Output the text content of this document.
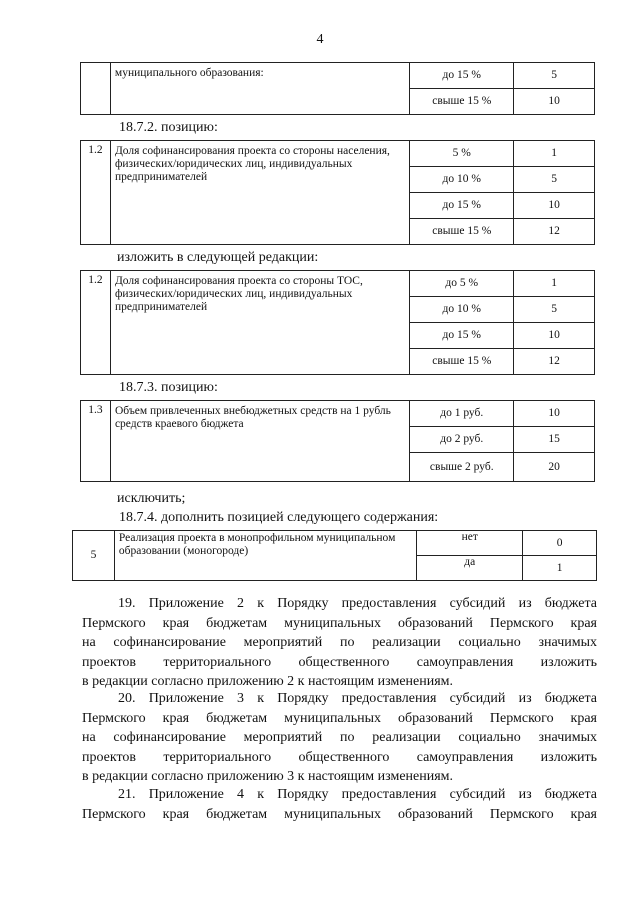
4
	муниципального образования:	до 15 %	5
		свыше 15 %	10
18.7.2. позицию:
1.2	Доля софинансирования проекта со стороны населения, физических/юридических лиц, индивидуальных предпринимателей	5 %	1
		до 10 %	5
		до 15 %	10
		свыше 15 %	12
изложить в следующей редакции:
1.2	Доля софинансирования проекта со стороны ТОС, физических/юридических лиц, индивидуальных предпринимателей	до 5 %	1
		до 10 %	5
		до 15 %	10
		свыше 15 %	12
18.7.3. позицию:
1.3	Объем привлеченных внебюджетных средств на 1 рубль средств краевого бюджета	до 1 руб.	10
		до 2 руб.	15
		свыше 2 руб.	20
исключить;
18.7.4. дополнить позицией следующего содержания:
5	Реализация проекта в монопрофильном муниципальном образовании (моногороде)	нет	0
		да	1
19. Приложение 2 к Порядку предоставления субсидий из бюджета
Пермского края бюджетам муниципальных образований Пермского края
на софинансирование мероприятий по реализации социально значимых
проектов территориального общественного самоуправления изложить
в редакции согласно приложению 2 к настоящим изменениям.
20. Приложение 3 к Порядку предоставления субсидий из бюджета
Пермского края бюджетам муниципальных образований Пермского края
на софинансирование мероприятий по реализации социально значимых
проектов территориального общественного самоуправления изложить
в редакции согласно приложению 3 к настоящим изменениям.
21. Приложение 4 к Порядку предоставления субсидий из бюджета
Пермского края бюджетам муниципальных образований Пермского края
